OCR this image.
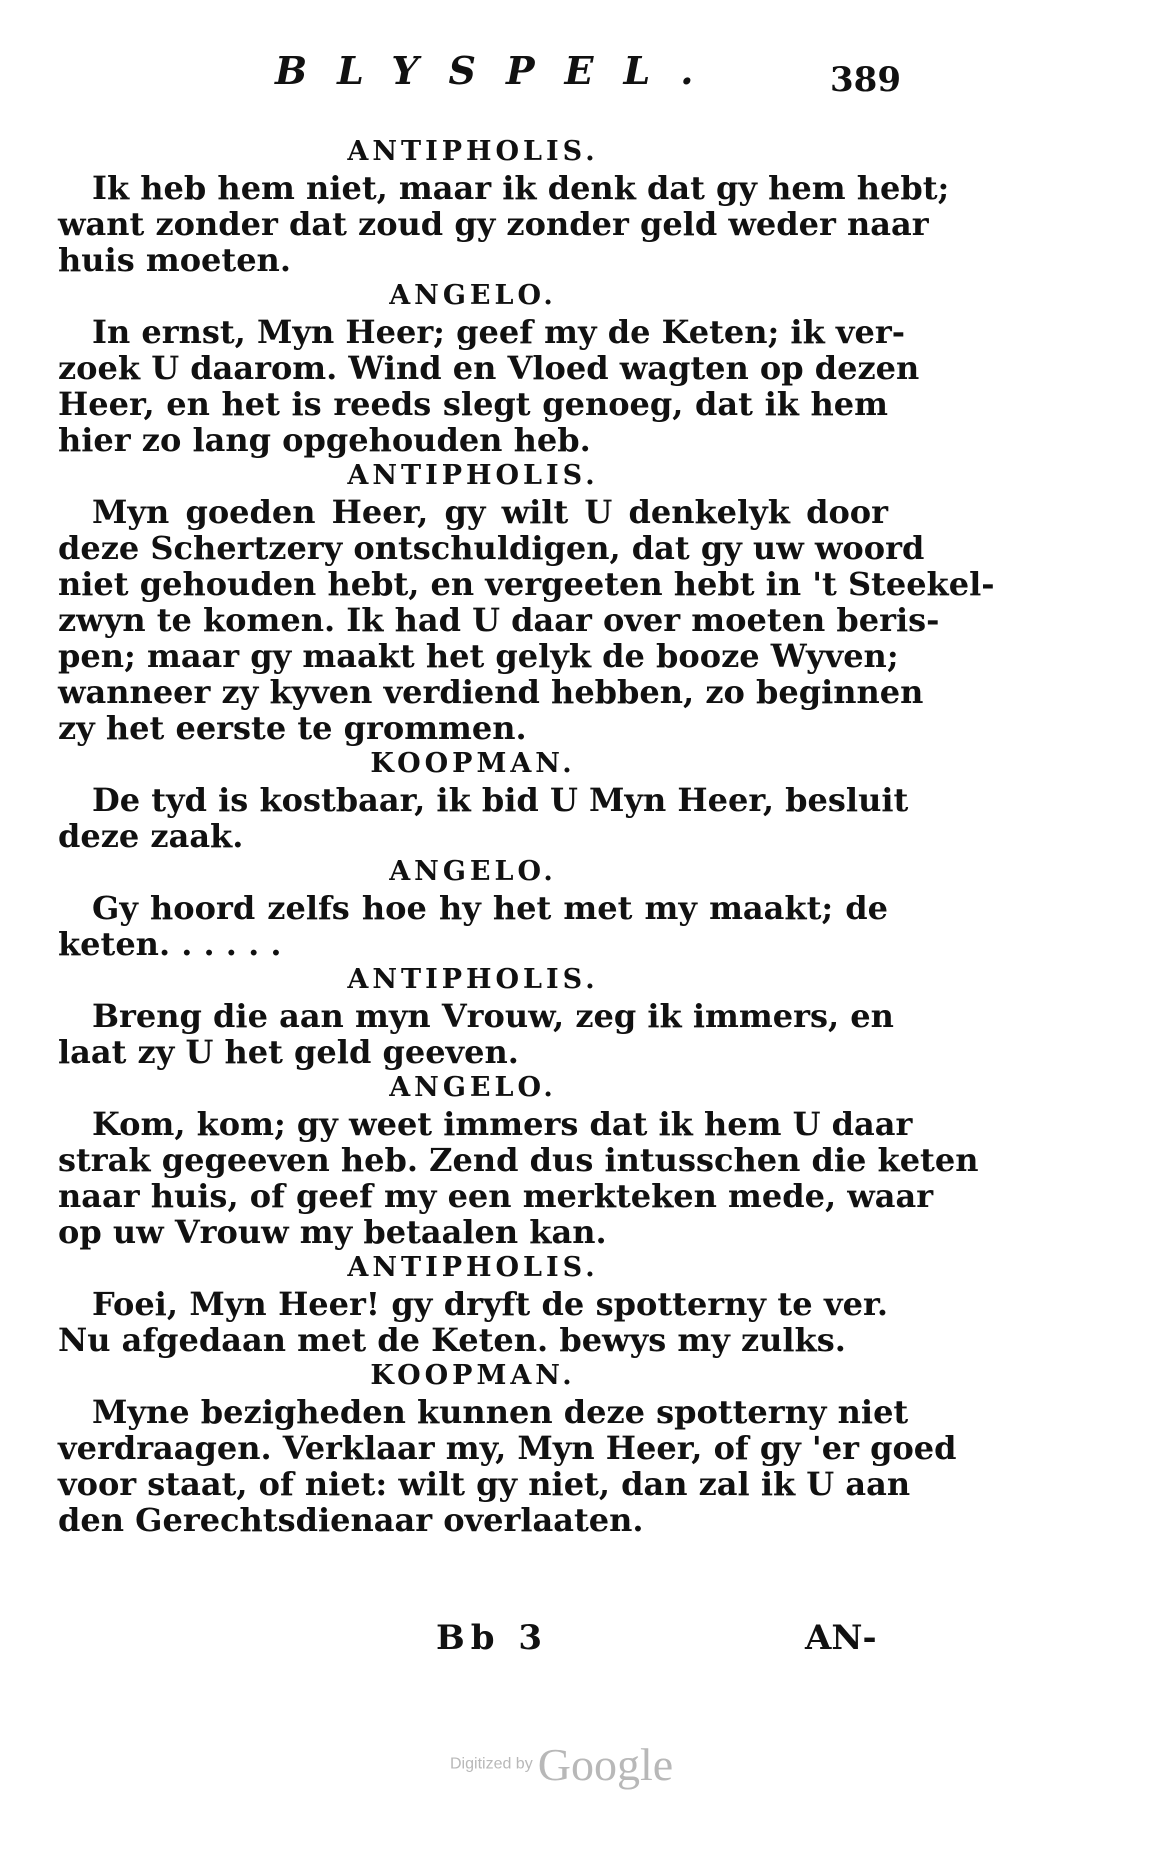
BLYSPEL.	389
ANTIPHOLIS.
Ik heb hem niet, maar ik denk dat gy hem hebt;
want zonder dat zoud gy zonder geld weder naar
huis moeten.
ANGELO.
In ernst, Myn Heer; geef my de Keten; ik ver-
zoek U daarom. Wind en Vloed wagten op dezen
Heer, en het is reeds slegt genoeg, dat ik hem
hier zo lang opgehouden heb.
ANTIPHOLIS.
Myn goeden Heer, gy wilt U denkelyk door
deze Schertzery ontschuldigen, dat gy uw woord
niet gehouden hebt, en vergeeten hebt in 't Steekel-
zwyn te komen. Ik had U daar over moeten beris-
pen; maar gy maakt het gelyk de booze Wyven;
wanneer zy kyven verdiend hebben, zo beginnen
zy het eerste te grommen.
KOOPMAN.
De tyd is kostbaar, ik bid U Myn Heer, besluit
deze zaak.
ANGELO.
Gy hoord zelfs hoe hy het met my maakt; de
keten. . . . . .
ANTIPHOLIS.
Breng die aan myn Vrouw, zeg ik immers, en
laat zy U het geld geeven.
ANGELO.
Kom, kom; gy weet immers dat ik hem U daar
strak gegeeven heb. Zend dus intusschen die keten
naar huis, of geef my een merkteken mede, waar
op uw Vrouw my betaalen kan.
ANTIPHOLIS.
Foei, Myn Heer! gy dryft de spotterny te ver.
Nu afgedaan met de Keten. bewys my zulks.
KOOPMAN.
Myne bezigheden kunnen deze spotterny niet
verdraagen. Verklaar my, Myn Heer, of gy 'er goed
voor staat, of niet: wilt gy niet, dan zal ik U aan
den Gerechtsdienaar overlaaten.
Bb 3	AN-
Digitized by Google
